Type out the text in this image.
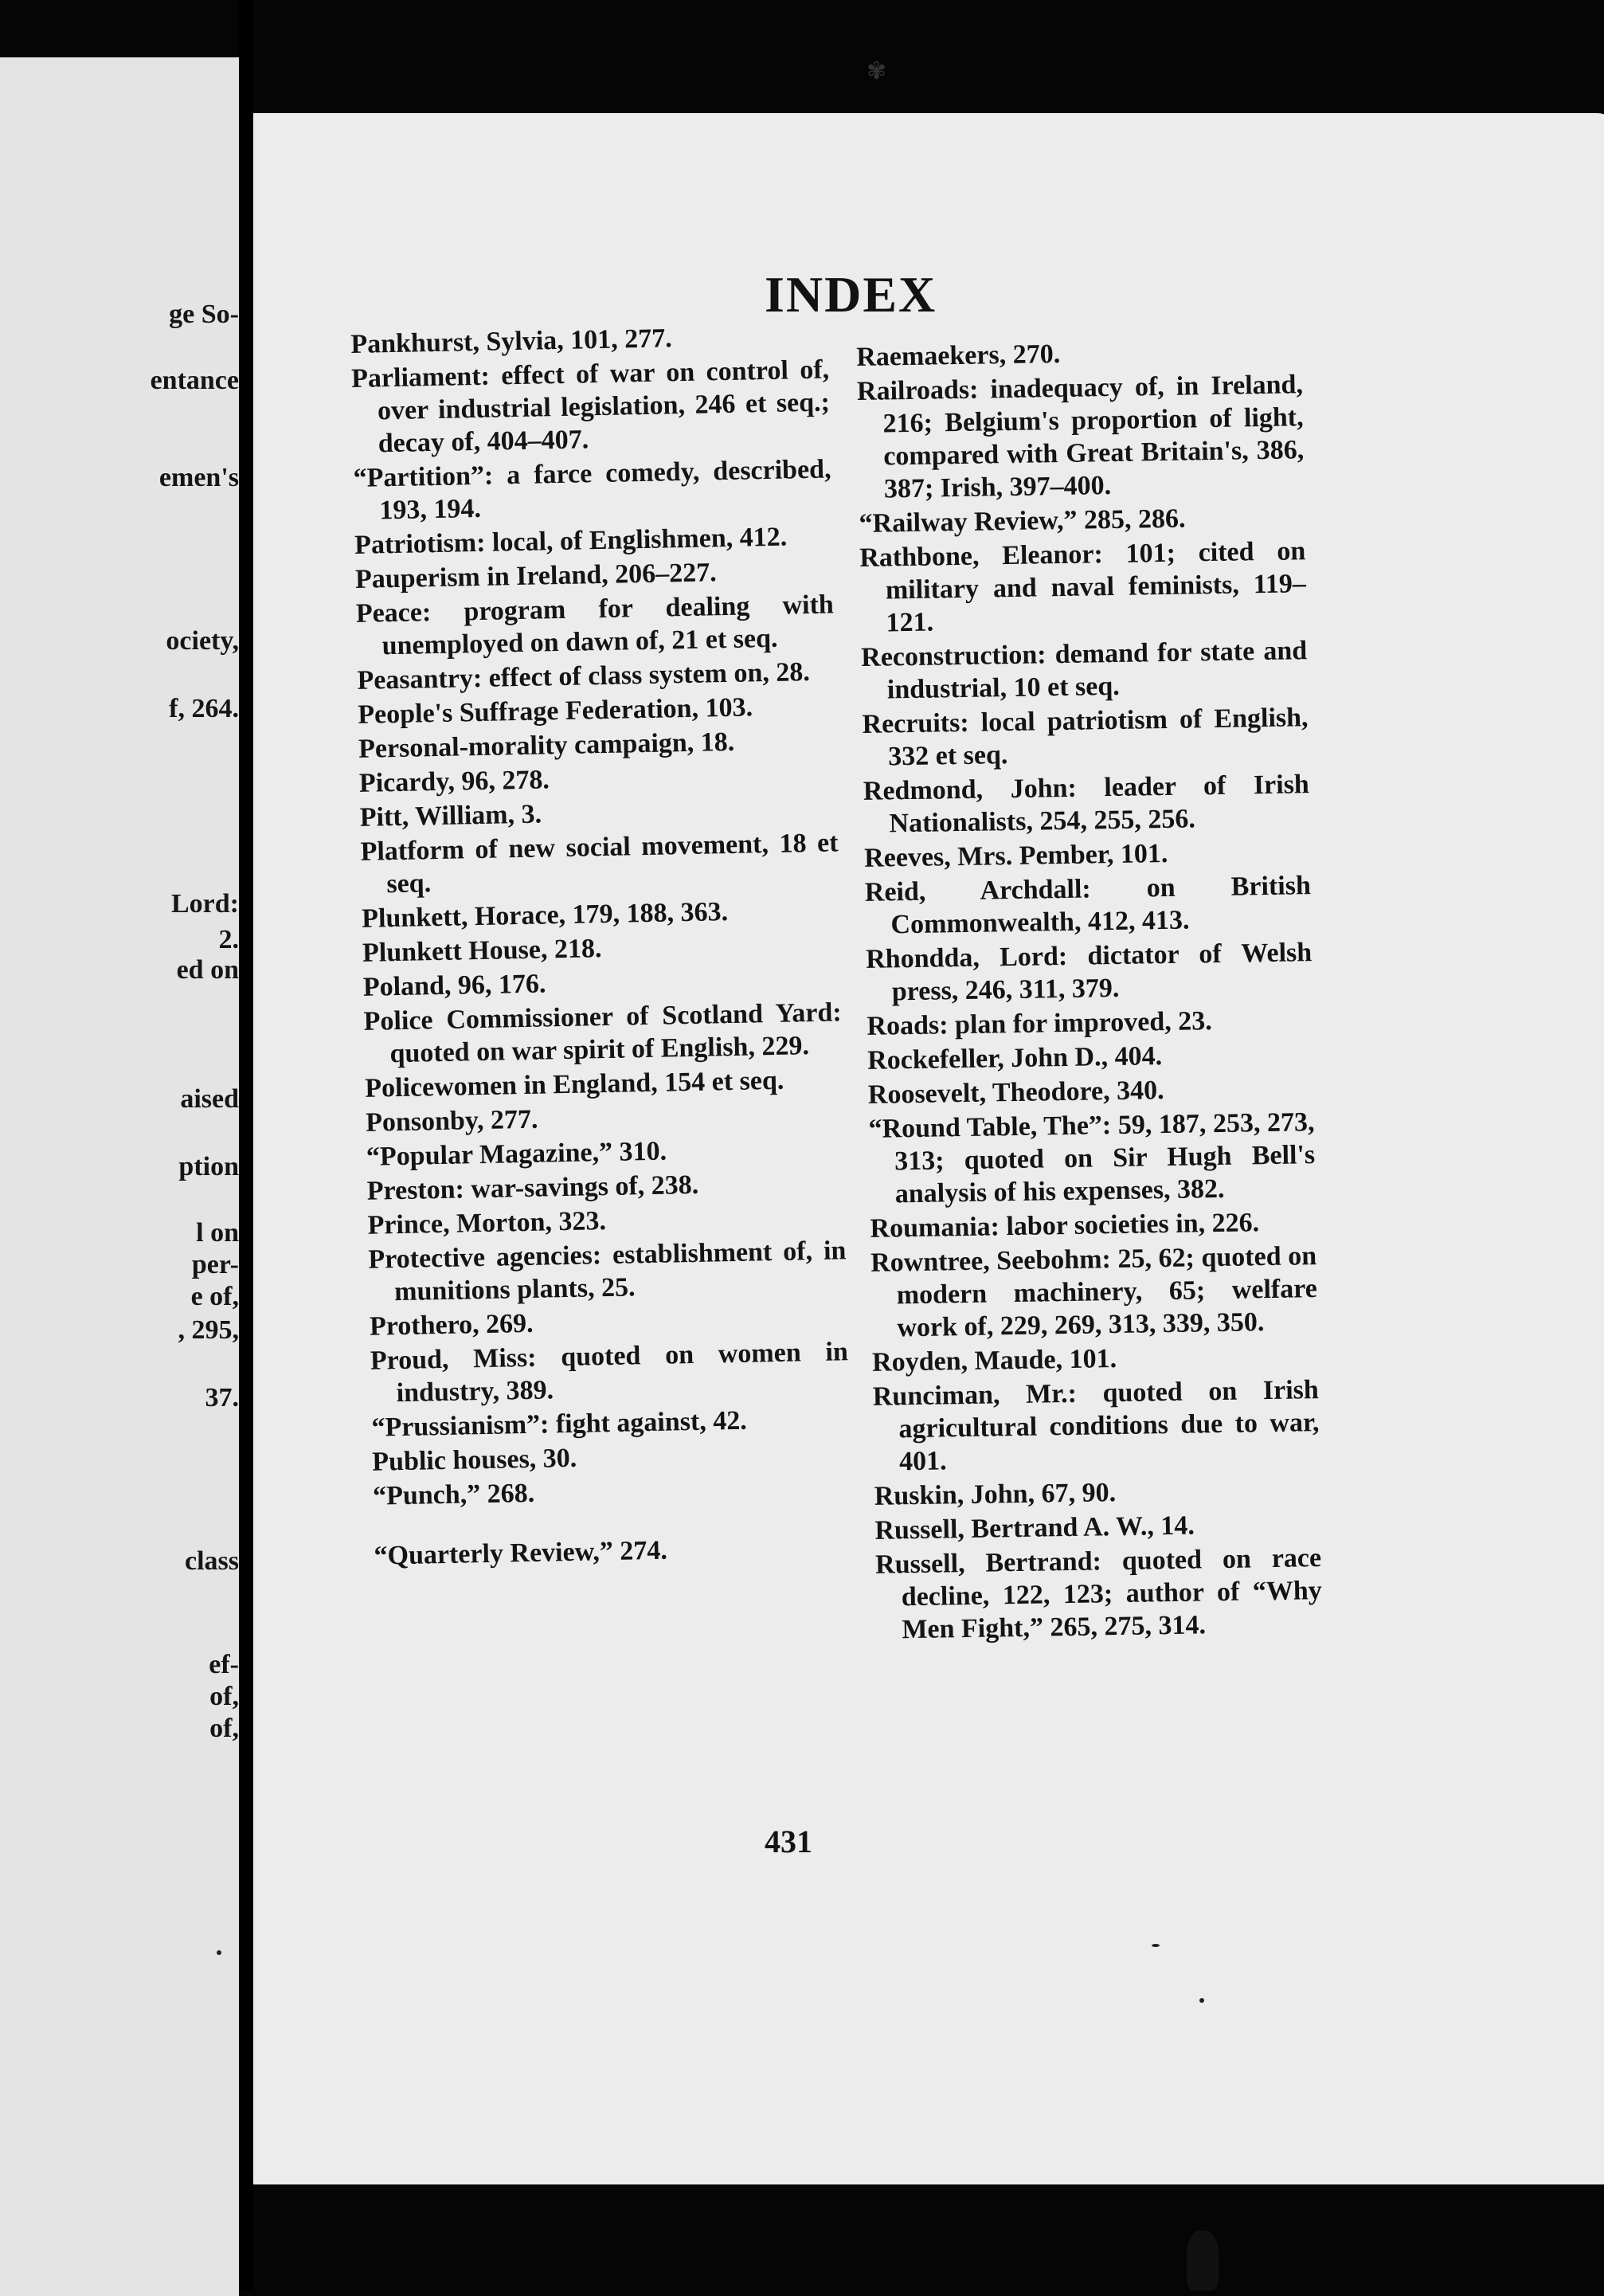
ge So-
entance
emen's
ociety,
f, 264.
Lord:
2.
ed on
aised
ption
l on
per-
e of,
, 295,
37.
class
ef-
of,
of,
✾
INDEX

Pankhurst, Sylvia, 101, 277.

Parliament: effect of war on control of, over industrial legislation, 246 et seq.; decay of, 404–407.

“Partition”: a farce comedy, described, 193, 194.

Patriotism: local, of Englishmen, 412.

Pauperism in Ireland, 206–227.

Peace: program for dealing with unemployed on dawn of, 21 et seq.

Peasantry: effect of class system on, 28.

People's Suffrage Federation, 103.

Personal-morality campaign, 18.

Picardy, 96, 278.

Pitt, William, 3.

Platform of new social movement, 18 et seq.

Plunkett, Horace, 179, 188, 363.

Plunkett House, 218.

Poland, 96, 176.

Police Commissioner of Scotland Yard: quoted on war spirit of English, 229.

Policewomen in England, 154 et seq.

Ponsonby, 277.

“Popular Magazine,” 310.

Preston: war-savings of, 238.

Prince, Morton, 323.

Protective agencies: establishment of, in munitions plants, 25.

Prothero, 269.

Proud, Miss: quoted on women in industry, 389.

“Prussianism”: fight against, 42.

Public houses, 30.

“Punch,” 268.

“Quarterly Review,” 274.

Raemaekers, 270.

Railroads: inadequacy of, in Ireland, 216; Belgium's proportion of light, compared with Great Britain's, 386, 387; Irish, 397–400.

“Railway Review,” 285, 286.

Rathbone, Eleanor: 101; cited on military and naval feminists, 119–121.

Reconstruction: demand for state and industrial, 10 et seq.

Recruits: local patriotism of English, 332 et seq.

Redmond, John: leader of Irish Nationalists, 254, 255, 256.

Reeves, Mrs. Pember, 101.

Reid, Archdall: on British Commonwealth, 412, 413.

Rhondda, Lord: dictator of Welsh press, 246, 311, 379.

Roads: plan for improved, 23.

Rockefeller, John D., 404.

Roosevelt, Theodore, 340.

“Round Table, The”: 59, 187, 253, 273, 313; quoted on Sir Hugh Bell's analysis of his expenses, 382.

Roumania: labor societies in, 226.

Rowntree, Seebohm: 25, 62; quoted on modern machinery, 65; welfare work of, 229, 269, 313, 339, 350.

Royden, Maude, 101.

Runciman, Mr.: quoted on Irish agricultural conditions due to war, 401.

Ruskin, John, 67, 90.

Russell, Bertrand A. W., 14.

Russell, Bertrand: quoted on race decline, 122, 123; author of “Why Men Fight,” 265, 275, 314.

431
